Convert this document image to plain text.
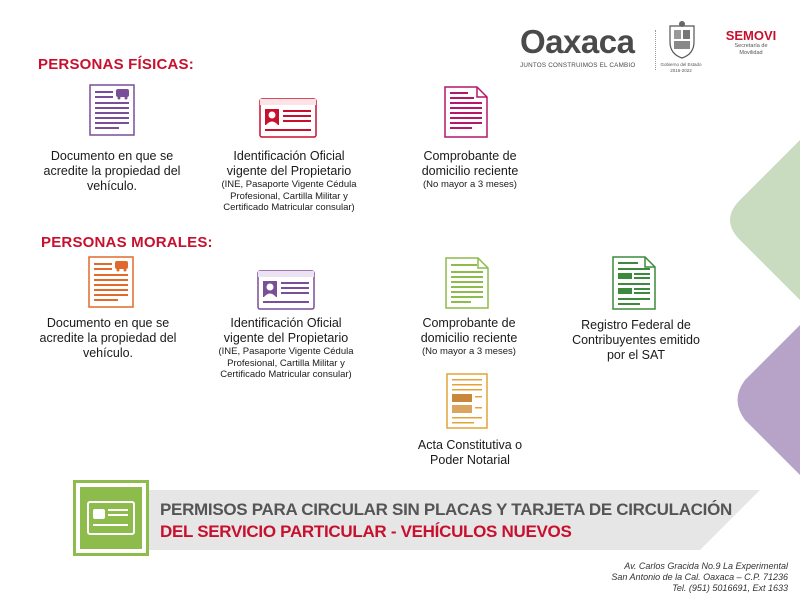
Oaxaca
JUNTOS CONSTRUIMOS EL CAMBIO	Gobierno del Estado
2016-2022
SEMOVI
Secretaría de
Movilidad
PERSONAS FÍSICAS:
Documento en que se acredite la propiedad del vehículo.
Identificación Oficial vigente del Propietario
(INE, Pasaporte Vigente Cédula Profesional, Cartilla Militar y Certificado Matricular consular)
Comprobante de domicilio reciente
(No mayor a 3 meses)
PERSONAS MORALES:
Documento en que se acredite la propiedad del vehículo.
Identificación Oficial vigente del Propietario
(INE, Pasaporte Vigente Cédula Profesional, Cartilla Militar y Certificado Matricular consular)
Comprobante de domicilio reciente
(No mayor a 3 meses)
Registro Federal de Contribuyentes emitido por el SAT
Acta Constitutiva o Poder Notarial
PERMISOS PARA CIRCULAR SIN PLACAS Y TARJETA DE CIRCULACIÓN
DEL SERVICIO PARTICULAR - VEHÍCULOS NUEVOS
Av. Carlos Gracida No.9 La Experimental
San Antonio de la Cal. Oaxaca – C.P. 71236
Tel. (951) 5016691, Ext 1633
